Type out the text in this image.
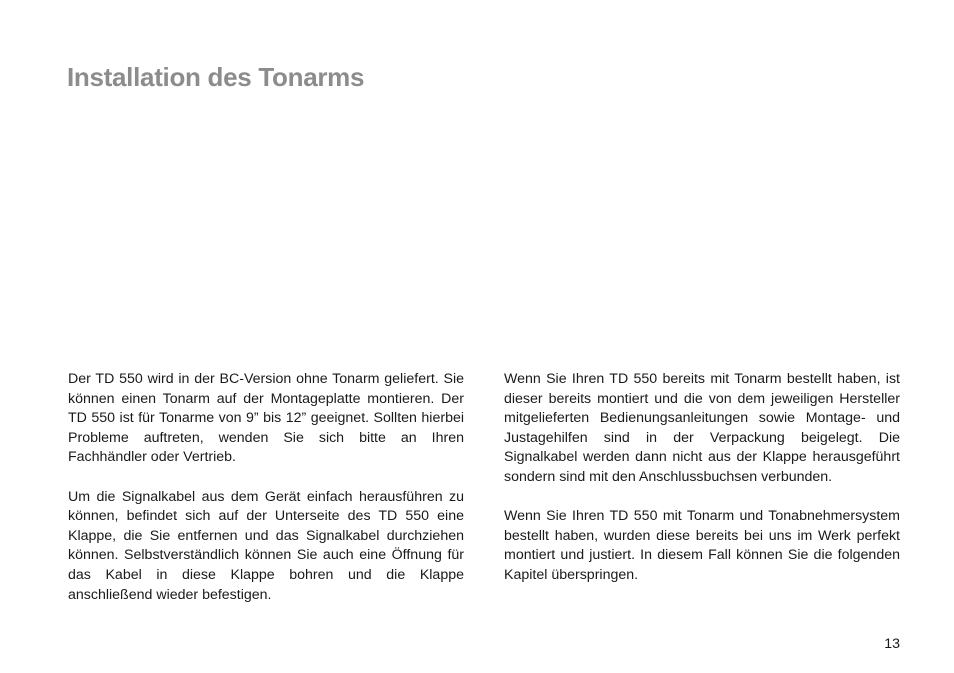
Installation des Tonarms

Der TD 550 wird in der BC-Version ohne Tonarm geliefert. Sie können einen Tonarm auf der Montageplatte montieren. Der TD 550 ist für Tonarme von 9” bis 12” geeignet. Sollten hierbei Probleme auftreten, wenden Sie sich bitte an Ihren Fachhändler oder Vertrieb.

Um die Signalkabel aus dem Gerät einfach herausführen zu können, befindet sich auf der Unterseite des TD 550 eine Klappe, die Sie entfernen und das Signalkabel durchziehen können. Selbstverständlich können Sie auch eine Öffnung für das Kabel in diese Klappe bohren und die Klappe anschließend wieder befestigen.

Wenn Sie Ihren TD 550 bereits mit Tonarm bestellt haben, ist dieser bereits montiert und die von dem jeweiligen Hersteller mitgelieferten Bedienungsanleitungen sowie Montage- und Justagehilfen sind in der Verpackung beigelegt. Die Signalkabel werden dann nicht aus der Klappe herausgeführt sondern sind mit den Anschlussbuchsen verbunden.

Wenn Sie Ihren TD 550 mit Tonarm und Tonabnehmersystem bestellt haben, wurden diese bereits bei uns im Werk perfekt montiert und justiert. In diesem Fall können Sie die folgenden Kapitel überspringen.

13
